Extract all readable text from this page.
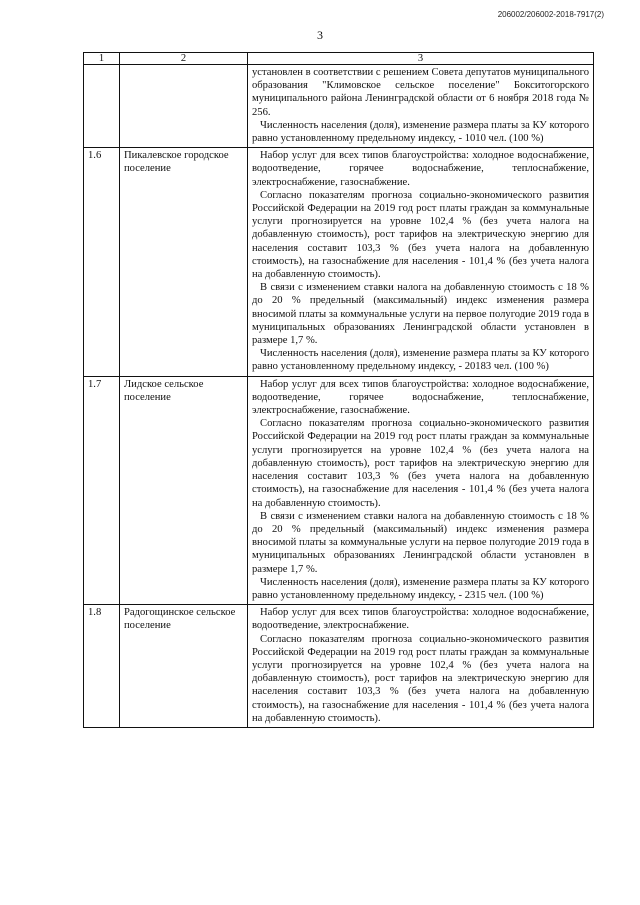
206002/206002-2018-7917(2)
3
1	2	3

		установлен в соответствии с решением Совета депутатов муниципального образования "Климовское сельское поселение" Бокситогорского муниципального района Ленинградской области от 6 ноября 2018 года № 256.

Численность населения (доля), изменение размера платы за КУ которого равно установленному предельному индексу, - 1010 чел. (100 %)

1.6	Пикалевское городское поселение	Набор услуг для всех типов благоустройства: холодное водоснабжение, водоотведение, горячее водоснабжение, теплоснабжение, электроснабжение, газоснабжение.

Согласно показателям прогноза социально-экономического развития Российской Федерации на 2019 год рост платы граждан за коммунальные услуги прогнозируется на уровне 102,4 % (без учета налога на добавленную стоимость), рост тарифов на электрическую энергию для населения составит 103,3 % (без учета налога на добавленную стоимость), на газоснабжение для населения - 101,4 % (без учета налога на добавленную стоимость).

В связи с изменением ставки налога на добавленную стоимость с 18 % до 20 % предельный (максимальный) индекс изменения размера вносимой платы за коммунальные услуги на первое полугодие 2019 года в муниципальных образованиях Ленинградской области установлен в размере 1,7 %.

Численность населения (доля), изменение размера платы за КУ которого равно установленному предельному индексу, - 20183 чел. (100 %)

1.7	Лидское сельское поселение	Набор услуг для всех типов благоустройства: холодное водоснабжение, водоотведение, горячее водоснабжение, теплоснабжение, электроснабжение, газоснабжение.

Согласно показателям прогноза социально-экономического развития Российской Федерации на 2019 год рост платы граждан за коммунальные услуги прогнозируется на уровне 102,4 % (без учета налога на добавленную стоимость), рост тарифов на электрическую энергию для населения составит 103,3 % (без учета налога на добавленную стоимость), на газоснабжение для населения - 101,4 % (без учета налога на добавленную стоимость).

В связи с изменением ставки налога на добавленную стоимость с 18 % до 20 % предельный (максимальный) индекс изменения размера вносимой платы за коммунальные услуги на первое полугодие 2019 года в муниципальных образованиях Ленинградской области установлен в размере 1,7 %.

Численность населения (доля), изменение размера платы за КУ которого равно установленному предельному индексу, - 2315 чел. (100 %)

1.8	Радогощинское сельское поселение	Набор услуг для всех типов благоустройства: холодное водоснабжение, водоотведение, электроснабжение.

Согласно показателям прогноза социально-экономического развития Российской Федерации на 2019 год рост платы граждан за коммунальные услуги прогнозируется на уровне 102,4 % (без учета налога на добавленную стоимость), рост тарифов на электрическую энергию для населения составит 103,3 % (без учета налога на добавленную стоимость), на газоснабжение для населения - 101,4 % (без учета налога на добавленную стоимость).
